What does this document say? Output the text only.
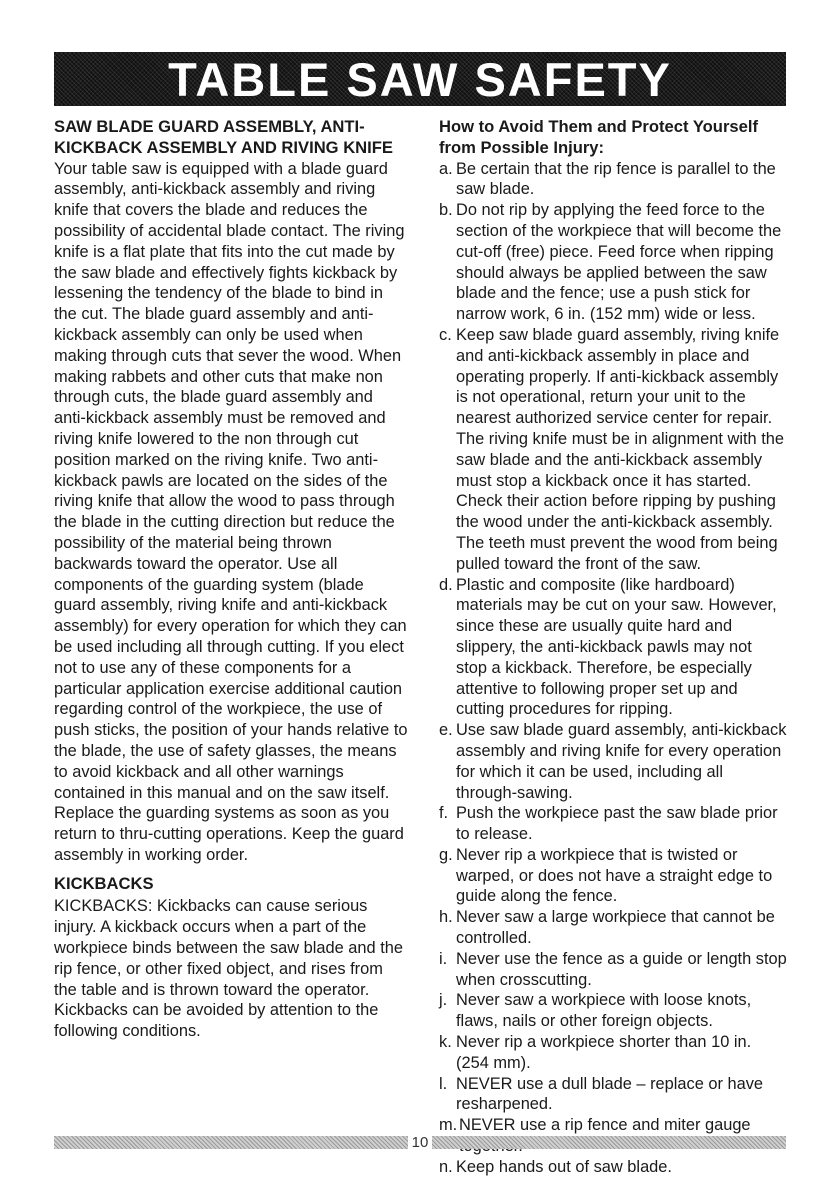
TABLE SAW SAFETY

SAW BLADE GUARD ASSEMBLY, ANTI-KICKBACK ASSEMBLY AND RIVING KNIFE

Your table saw is equipped with a blade guard assembly, anti-kickback assembly and riving knife that covers the blade and reduces the possibility of accidental blade contact. The riving knife is a flat plate that fits into the cut made by the saw blade and effectively fights kickback by lessening the tendency of the blade to bind in the cut. The blade guard assembly and anti-kickback assembly can only be used when making through cuts that sever the wood. When making rabbets and other cuts that make non through cuts, the blade guard assembly and anti-kickback assembly must be removed and riving knife lowered to the non through cut position marked on the riving knife. Two anti-kickback pawls are located on the sides of the riving knife that allow the wood to pass through the blade in the cutting direction but reduce the possibility of the material being thrown backwards toward the operator. Use all components of the guarding system (blade guard assembly, riving knife and anti-kickback assembly) for every operation for which they can be used including all through cutting. If you elect not to use any of these components for a particular application exercise additional caution regarding control of the workpiece, the use of push sticks, the position of your hands relative to the blade, the use of safety glasses, the means to avoid kickback and all other warnings contained in this manual and on the saw itself. Replace the guarding systems as soon as you return to thru-cutting operations. Keep the guard assembly in working order.

KICKBACKS

KICKBACKS: Kickbacks can cause serious injury. A kickback occurs when a part of the workpiece binds between the saw blade and the rip fence, or other fixed object, and rises from the table and is thrown toward the operator. Kickbacks can be avoided by attention to the following conditions.

How to Avoid Them and Protect Yourself from Possible Injury:

a. Be certain that the rip fence is parallel to the saw blade.
b. Do not rip by applying the feed force to the section of the workpiece that will become the cut-off (free) piece. Feed force when ripping should always be applied between the saw blade and the fence; use a push stick for narrow work, 6 in. (152 mm) wide or less.
c. Keep saw blade guard assembly, riving knife and anti-kickback assembly in place and operating properly. If anti-kickback assembly is not operational, return your unit to the nearest authorized service center for repair. The riving knife must be in alignment with the saw blade and the anti-kickback assembly must stop a kickback once it has started. Check their action before ripping by pushing the wood under the anti-kickback assembly. The teeth must prevent the wood from being pulled toward the front of the saw.
d. Plastic and composite (like hardboard) materials may be cut on your saw. However, since these are usually quite hard and slippery, the anti-kickback pawls may not stop a kickback. Therefore, be especially attentive to following proper set up and cutting procedures for ripping.
e. Use saw blade guard assembly, anti-kickback assembly and riving knife for every operation for which it can be used, including all through-sawing.
f. Push the workpiece past the saw blade prior to release.
g. Never rip a workpiece that is twisted or warped, or does not have a straight edge to guide along the fence.
h. Never saw a large workpiece that cannot be controlled.
i. Never use the fence as a guide or length stop when crosscutting.
j. Never saw a workpiece with loose knots, flaws, nails or other foreign objects.
k. Never rip a workpiece shorter than 10 in. (254 mm).
l. NEVER use a dull blade – replace or have resharpened.
m. NEVER use a rip fence and miter gauge
n. Keep hands out of saw blade.
10
